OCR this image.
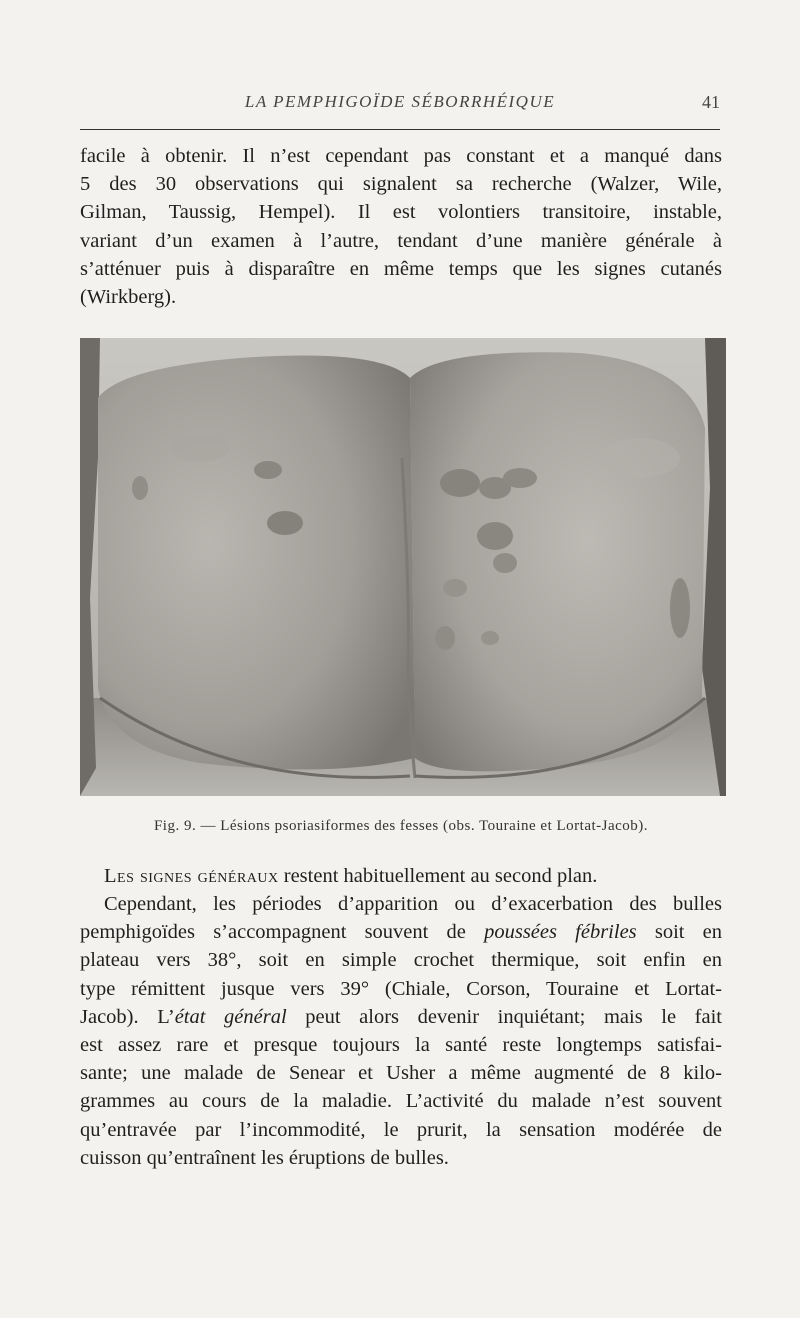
LA PEMPHIGOÏDE SÉBORRHÉIQUE	41
facile à obtenir. Il n’est cependant pas constant et a manqué dans
5 des 30 observations qui signalent sa recherche (Walzer, Wile,
Gilman, Taussig, Hempel). Il est volontiers transitoire, instable,
variant d’un examen à l’autre, tendant d’une manière générale à
s’atténuer puis à disparaître en même temps que les signes cutanés
(Wirkberg).
Fig. 9. — Lésions psoriasiformes des fesses (obs. Touraine et Lortat-Jacob).
Les signes généraux restent habituellement au second plan.
Cependant, les périodes d’apparition ou d’exacerbation des bulles
pemphigoïdes s’accompagnent souvent de poussées fébriles soit en
plateau vers 38°, soit en simple crochet thermique, soit enfin en
type rémittent jusque vers 39° (Chiale, Corson, Touraine et Lortat-
Jacob). L’état général peut alors devenir inquiétant; mais le fait
est assez rare et presque toujours la santé reste longtemps satisfai-
sante; une malade de Senear et Usher a même augmenté de 8 kilo-
grammes au cours de la maladie. L’activité du malade n’est souvent
qu’entravée par l’incommodité, le prurit, la sensation modérée de
cuisson qu’entraînent les éruptions de bulles.
